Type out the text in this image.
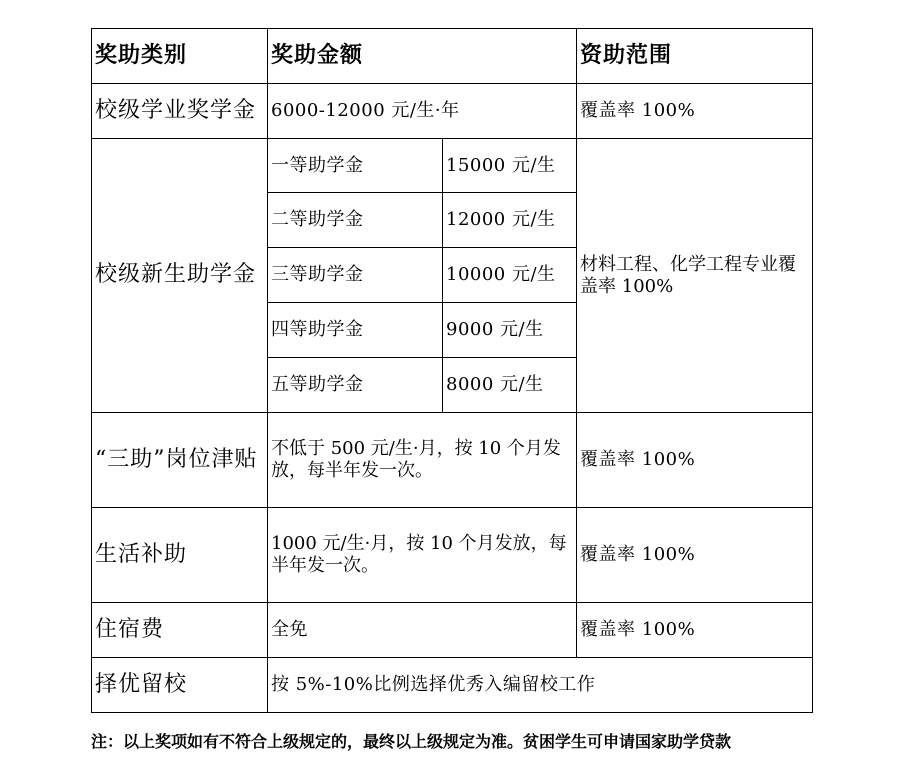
奖助类别	奖助金额		资助范围
校级学业奖学金	6000-12000 元/生·年		覆盖率 100%
校级新生助学金	一等助学金	15000 元/生	材料工程、化学工程专业覆盖率 100%
	二等助学金	12000 元/生	
	三等助学金	10000 元/生	
	四等助学金	9000 元/生	
	五等助学金	8000 元/生	
“三助”岗位津贴	不低于 500 元/生·月，按 10 个月发放，每半年发一次。		覆盖率 100%
生活补助	1000 元/生·月，按 10 个月发放，每半年发一次。		覆盖率 100%
住宿费	全免		覆盖率 100%
择优留校	按 5%-10%比例选择优秀入编留校工作		
注：以上奖项如有不符合上级规定的，最终以上级规定为准。贫困学生可申请国家助学贷款
